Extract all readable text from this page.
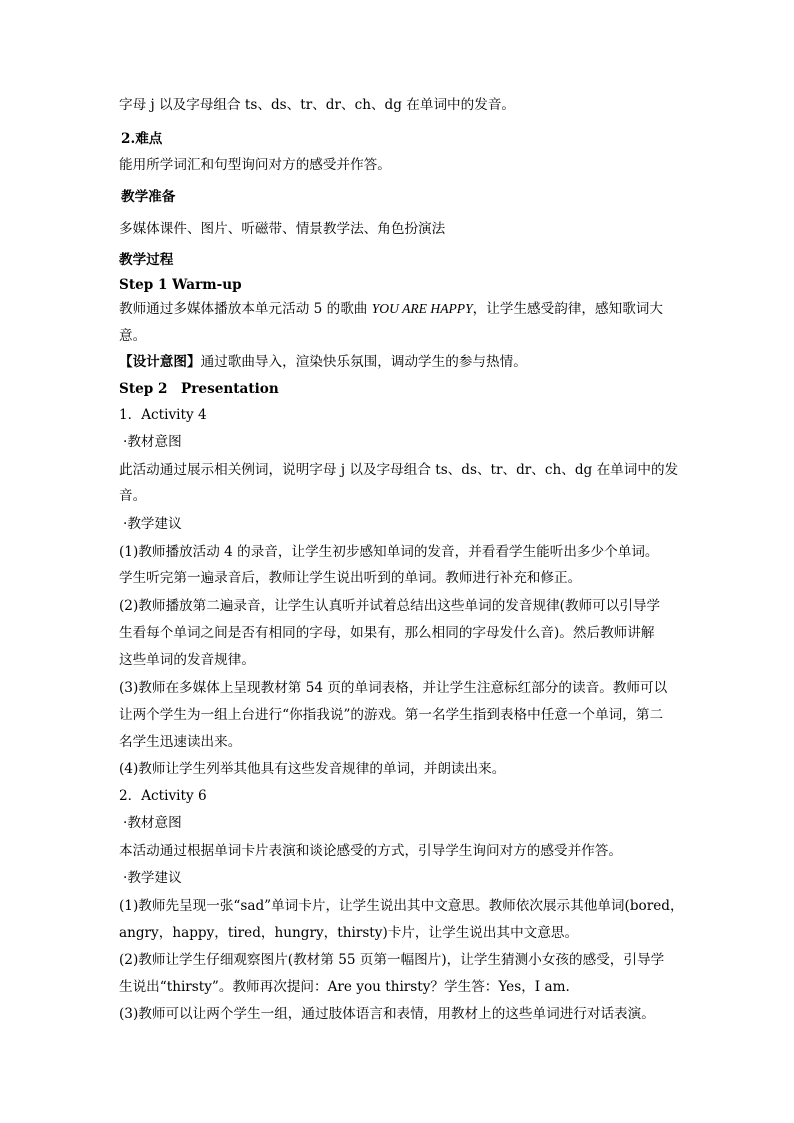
字母 j 以及字母组合 ts、ds、tr、dr、ch、dg 在单词中的发音。
2.难点
能用所学词汇和句型询问对方的感受并作答。
教学准备
多媒体课件、图片、听磁带、情景教学法、角色扮演法
教学过程
Step 1 Warm-up
教师通过多媒体播放本单元活动 5 的歌曲 YOU ARE HAPPY，让学生感受韵律，感知歌词大
意。
【设计意图】通过歌曲导入，渲染快乐氛围，调动学生的参与热情。
Step 2　Presentation
1．Activity 4
·教材意图
此活动通过展示相关例词，说明字母 j 以及字母组合 ts、ds、tr、dr、ch、dg 在单词中的发
音。
·教学建议
(1)教师播放活动 4 的录音，让学生初步感知单词的发音，并看看学生能听出多少个单词。
学生听完第一遍录音后，教师让学生说出听到的单词。教师进行补充和修正。
(2)教师播放第二遍录音，让学生认真听并试着总结出这些单词的发音规律(教师可以引导学
生看每个单词之间是否有相同的字母，如果有，那么相同的字母发什么音)。然后教师讲解
这些单词的发音规律。
(3)教师在多媒体上呈现教材第 54 页的单词表格，并让学生注意标红部分的读音。教师可以
让两个学生为一组上台进行“你指我说”的游戏。第一名学生指到表格中任意一个单词，第二
名学生迅速读出来。
(4)教师让学生列举其他具有这些发音规律的单词，并朗读出来。
2．Activity 6
·教材意图
本活动通过根据单词卡片表演和谈论感受的方式，引导学生询问对方的感受并作答。
·教学建议
(1)教师先呈现一张“sad”单词卡片，让学生说出其中文意思。教师依次展示其他单词(bored，
angry，happy，tired，hungry，thirsty)卡片，让学生说出其中文意思。
(2)教师让学生仔细观察图片(教材第 55 页第一幅图片)，让学生猜测小女孩的感受，引导学
生说出“thirsty”。教师再次提问：Are you thirsty？学生答：Yes，I am.
(3)教师可以让两个学生一组，通过肢体语言和表情，用教材上的这些单词进行对话表演。
